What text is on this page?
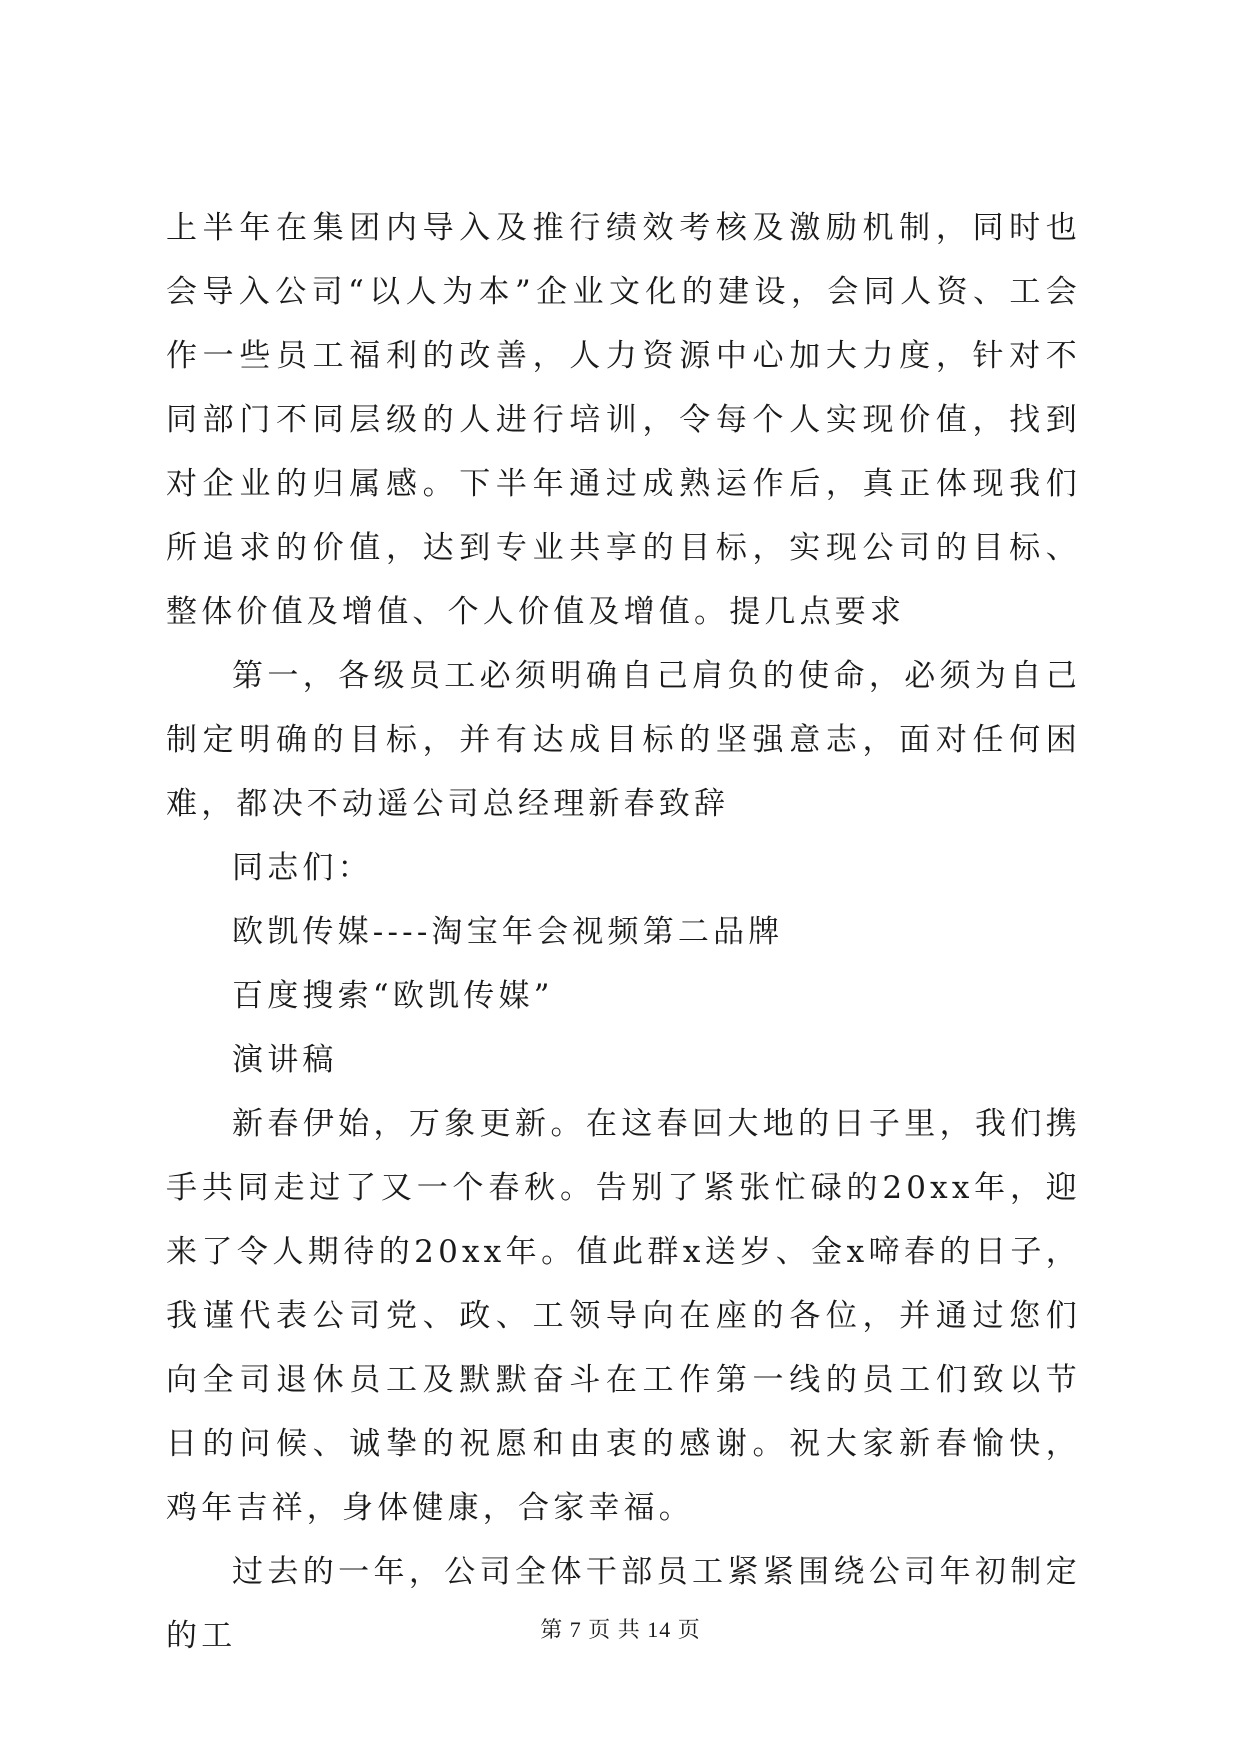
上半年在集团内导入及推行绩效考核及激励机制，同时也会导入公司“以人为本”企业文化的建设，会同人资、工会作一些员工福利的改善，人力资源中心加大力度，针对不同部门不同层级的人进行培训，令每个人实现价值，找到对企业的归属感。下半年通过成熟运作后，真正体现我们所追求的价值，达到专业共享的目标，实现公司的目标、整体价值及增值、个人价值及增值。提几点要求

第一，各级员工必须明确自己肩负的使命，必须为自己制定明确的目标，并有达成目标的坚强意志，面对任何困难，都决不动遥公司总经理新春致辞

同志们：

欧凯传媒----淘宝年会视频第二品牌

百度搜索“欧凯传媒”

演讲稿

新春伊始，万象更新。在这春回大地的日子里，我们携手共同走过了又一个春秋。告别了紧张忙碌的20xx年，迎来了令人期待的20xx年。值此群x送岁、金x啼春的日子，我谨代表公司党、政、工领导向在座的各位，并通过您们向全司退休员工及默默奋斗在工作第一线的员工们致以节日的问候、诚挚的祝愿和由衷的感谢。祝大家新春愉快，鸡年吉祥，身体健康，合家幸福。

过去的一年，公司全体干部员工紧紧围绕公司年初制定的工	第 7 页 共 14 页
